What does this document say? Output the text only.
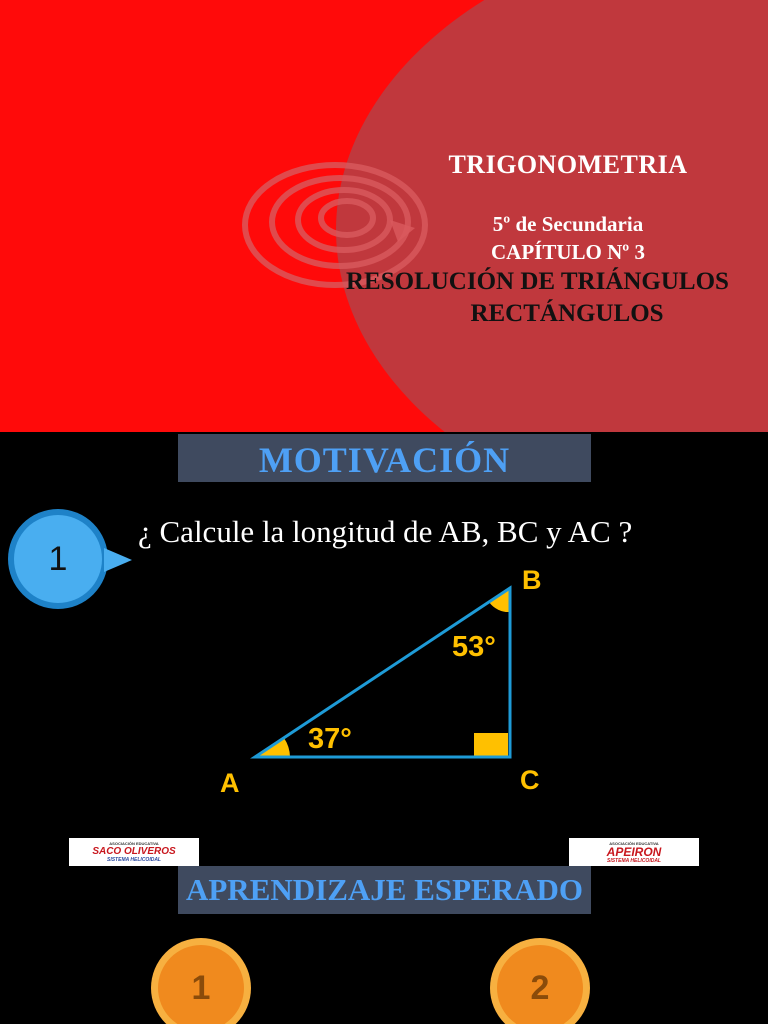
TRIGONOMETRIA
5º de Secundaria
CAPÍTULO Nº 3
RESOLUCIÓN DE TRIÁNGULOS
RECTÁNGULOS
MOTIVACIÓN
1
¿ Calcule la longitud de AB, BC y AC ?
B
A	C
53°
37°
ASOCIACIÓN EDUCATIVA
SACO OLIVEROS
SISTEMA HELICOIDAL
ASOCIACIÓN EDUCATIVA
APEIRON
SISTEMA HELICOIDAL
APRENDIZAJE ESPERADO
1	2
